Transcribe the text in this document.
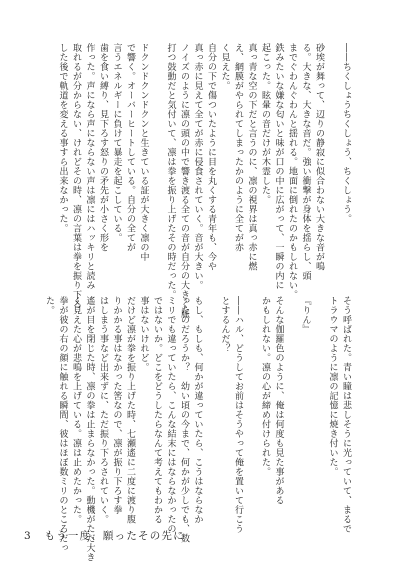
――ちくしょうちくしょう、ちくしょう。

砂埃が舞って、辺りの静寂に似合わない大きな音が鳴
る。大きな、大きな音だ。強い衝撃が身体を揺らし、頭
までぐわんぐわんと揺れる。地面に倒れたのかもしれない。
鉄みたいな嫌な匂いと味が口の中に広がって、一瞬の内に
起こった。眩暈の音だけが木霊した。
真っ青な空の下だと言うのに、凛の視界は真っ赤に燃
え、網膜がやられてしまったかのように全てが赤
く見えた。
自分の下で傷ついたように目を丸くする青年も、今や
真っ赤に見えて全てが赤に侵食されていく。音が大きい。
ノイズのように凛の頭の中で響き渡る全ての音が自分の大きく脈
打つ鼓動だと気付いて、凛は拳を振り上げたその時だった。

ドクンドクンドクンと生きている証が大きく凛の中
で響く。オーバーヒートしている。自分の全てが
言うエネルギーに負けて暴走を起こしている。
歯を食い縛り、見下ろす怒りの矛先が小さく形を
作った。声になら声にならない声は凛にはハッキリと読み
取れるが分からない、けれどその時、凛の言葉は拳を振り下ろ
した後で軌道を変える事すら出来なかった。
そう呼ばれた。青い瞳は悲しそうに光っていて、まるで
トラウマのように凛の記憶に焼き付いた。

『りん』

そんな伽羅色のように、俺は何度も見た事がある
かもしれない。凛の心が締め付けられた。

――ハル、どうしてお前はそうやって俺を置いて行こう
とするんだ？

もし、もしも、何かが違っていたら、こうはならなか
ったのだろうか？　幼い頃の今まで、何かが少しでも、数
ミリでも違っていたら、こんな結末にはならなかったの
ではないか。どこをどうしたらなんて考えてもわかる
事はないけれど。
だけど凛が拳を振り上げた時、七瀬遙に二度に渡り腹
りかかる事はなかった筈なので、凛が振り下ろす拳
はしまう事など出来ずに、ただ振り下ろされていく。
遙が目を閉じた時、凛の拳は止まらなかった。動機がただ大き
く見えた心が悲鳴を上げている。凛は止めたかった。
拳が彼の右の顔に触れる瞬間、彼はほぼ数ミリのところだっ
た。
3 もう一度、願ったその先に
